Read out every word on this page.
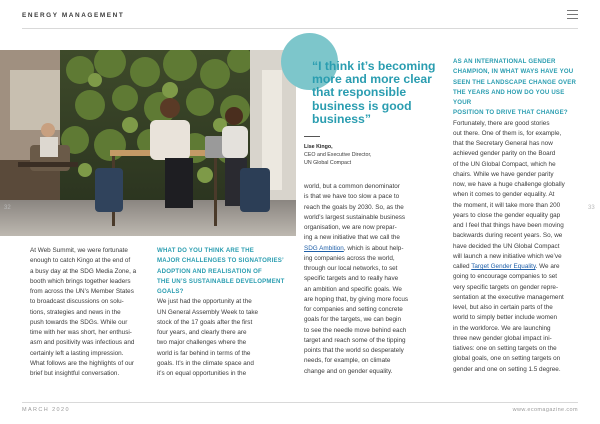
ENERGY MANAGEMENT
32	33
“I think it’s becoming more and more clear that responsible business is good business”
Lise Kingo,
CEO and Executive Director,
UN Global Compact
At Web Summit, we were fortunate
enough to catch Kingo at the end of
a busy day at the SDG Media Zone, a
booth which brings together leaders
from across the UN’s Member States
to broadcast discussions on solu-
tions, strategies and news in the
push towards the SDGs. While our
time with her was short, her enthusi-
asm and positivity was infectious and
certainly left a lasting impression.
What follows are the highlights of our
brief but insightful conversation.
WHAT DO YOU THINK ARE THE
MAJOR CHALLENGES TO SIGNATORIES’
ADOPTION AND REALISATION OF
THE UN’S SUSTAINABLE DEVELOPMENT
GOALS?
We just had the opportunity at the
UN General Assembly Week to take
stock of the 17 goals after the first
four years, and clearly there are
two major challenges where the
world is far behind in terms of the
goals. It’s in the climate space and
it’s on equal opportunities in the
world, but a common denominator
is that we have too slow a pace to
reach the goals by 2030. So, as the
world’s largest sustainable business
organisation, we are now prepar-
ing a new initiative that we call the
SDG Ambition, which is about help-
ing companies across the world,
through our local networks, to set
specific targets and to really have
an ambition and specific goals. We
are hoping that, by giving more focus
for companies and setting concrete
goals for the targets, we can begin
to see the needle move behind each
target and reach some of the tipping
points that the world so desperately
needs, for example, on climate
change and on gender equality.
AS AN INTERNATIONAL GENDER
CHAMPION, IN WHAT WAYS HAVE YOU
SEEN THE LANDSCAPE CHANGE OVER
THE YEARS AND HOW DO YOU USE YOUR
POSITION TO DRIVE THAT CHANGE?
Fortunately, there are good stories
out there. One of them is, for example,
that the Secretary General has now
achieved gender parity on the Board
of the UN Global Compact, which he
chairs. While we have gender parity
now, we have a huge challenge globally
when it comes to gender equality. At
the moment, it will take more than 200
years to close the gender equality gap
and I feel that things have been moving
backwards during recent years. So, we
have decided the UN Global Compact
will launch a new initiative which we’ve
called Target Gender Equality. We are
going to encourage companies to set
very specific targets on gender repre-
sentation at the executive management
level, but also in certain parts of the
world to simply better include women
in the workforce. We are launching
three new gender global impact ini-
tiatives: one on setting targets on the
global goals, one on setting targets on
gender and one on setting 1.5 degree.
MARCH 2020	www.ecomagazine.com
